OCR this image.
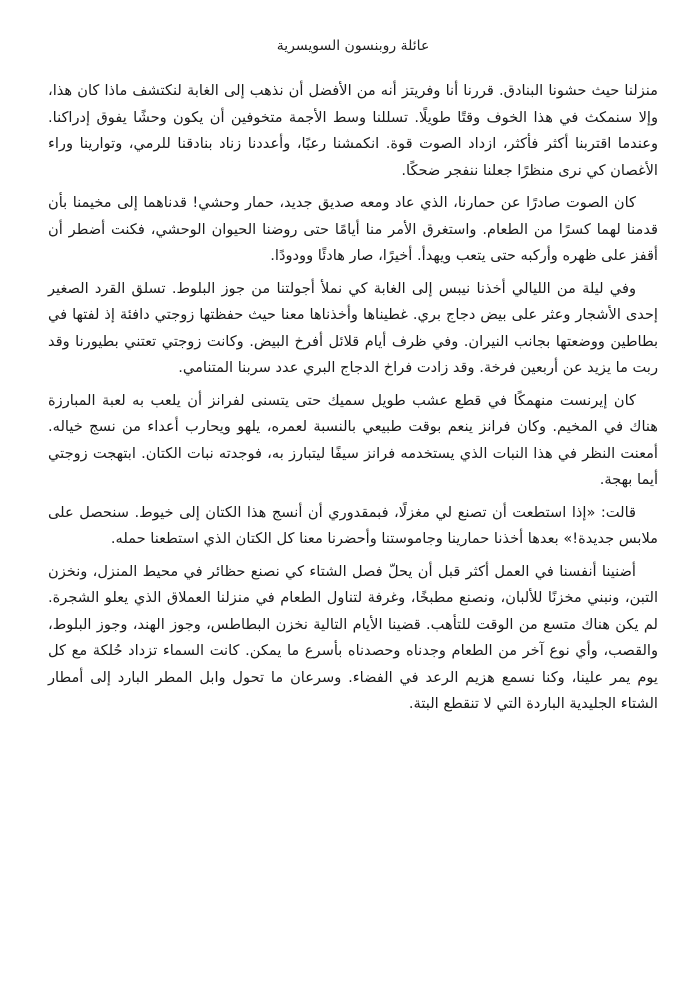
عائلة روبنسون السويسرية

منزلنا حيث حشونا البنادق. قررنا أنا وفريتز أنه من الأفضل أن نذهب إلى الغابة لنكتشف ماذا كان هذا، وإلا سنمكث في هذا الخوف وقتًا طويلًا. تسللنا وسط الأجمة متخوفين أن يكون وحشًا يفوق إدراكنا. وعندما اقتربنا أكثر فأكثر، ازداد الصوت قوة. انكمشنا رعبًا، وأعددنا زناد بنادقنا للرمي، وتوارينا وراء الأغصان كي نرى منظرًا جعلنا ننفجر ضحكًا.

كان الصوت صادرًا عن حمارنا، الذي عاد ومعه صديق جديد، حمار وحشي! قدناهما إلى مخيمنا بأن قدمنا لهما كسرًا من الطعام. واستغرق الأمر منا أيامًا حتى روضنا الحيوان الوحشي، فكنت أضطر أن أقفز على ظهره وأركبه حتى يتعب ويهدأ. أخيرًا، صار هادئًا وودودًا.

وفي ليلة من الليالي أخذنا نيبس إلى الغابة كي نملأ أجولتنا من جوز البلوط. تسلق القرد الصغير إحدى الأشجار وعثر على بيض دجاج بري. غطيناها وأخذناها معنا حيث حفظتها زوجتي دافئة إذ لفتها في بطاطين ووضعتها بجانب النيران. وفي ظرف أيام قلائل أفرخ البيض. وكانت زوجتي تعتني بطيورنا وقد ربت ما يزيد عن أربعين فرخة. وقد زادت فراخ الدجاج البري عدد سربنا المتنامي.

كان إيرنست منهمكًا في قطع عشب طويل سميك حتى يتسنى لفرانز أن يلعب به لعبة المبارزة هناك في المخيم. وكان فرانز ينعم بوقت طبيعي بالنسبة لعمره، يلهو ويحارب أعداء من نسج خياله. أمعنت النظر في هذا النبات الذي يستخدمه فرانز سيفًا ليتبارز به، فوجدته نبات الكتان. ابتهجت زوجتي أيما بهجة.

قالت: «إذا استطعت أن تصنع لي مغزلًا، فبمقدوري أن أنسج هذا الكتان إلى خيوط. سنحصل على ملابس جديدة!» بعدها أخذنا حمارينا وجاموستنا وأحضرنا معنا كل الكتان الذي استطعنا حمله.

أضنينا أنفسنا في العمل أكثر قبل أن يحلّ فصل الشتاء كي نصنع حظائر في محيط المنزل، ونخزن التبن، ونبني مخزنًا للألبان، ونصنع مطبخًا، وغرفة لتناول الطعام في منزلنا العملاق الذي يعلو الشجرة. لم يكن هناك متسع من الوقت للتأهب. قضينا الأيام التالية نخزن البطاطس، وجوز الهند، وجوز البلوط، والقصب، وأي نوع آخر من الطعام وجدناه وحصدناه بأسرع ما يمكن. كانت السماء تزداد حُلكة مع كل يوم يمر علينا، وكنا نسمع هزيم الرعد في الفضاء. وسرعان ما تحول وابل المطر البارد إلى أمطار الشتاء الجليدية الباردة التي لا تنقطع البتة.
